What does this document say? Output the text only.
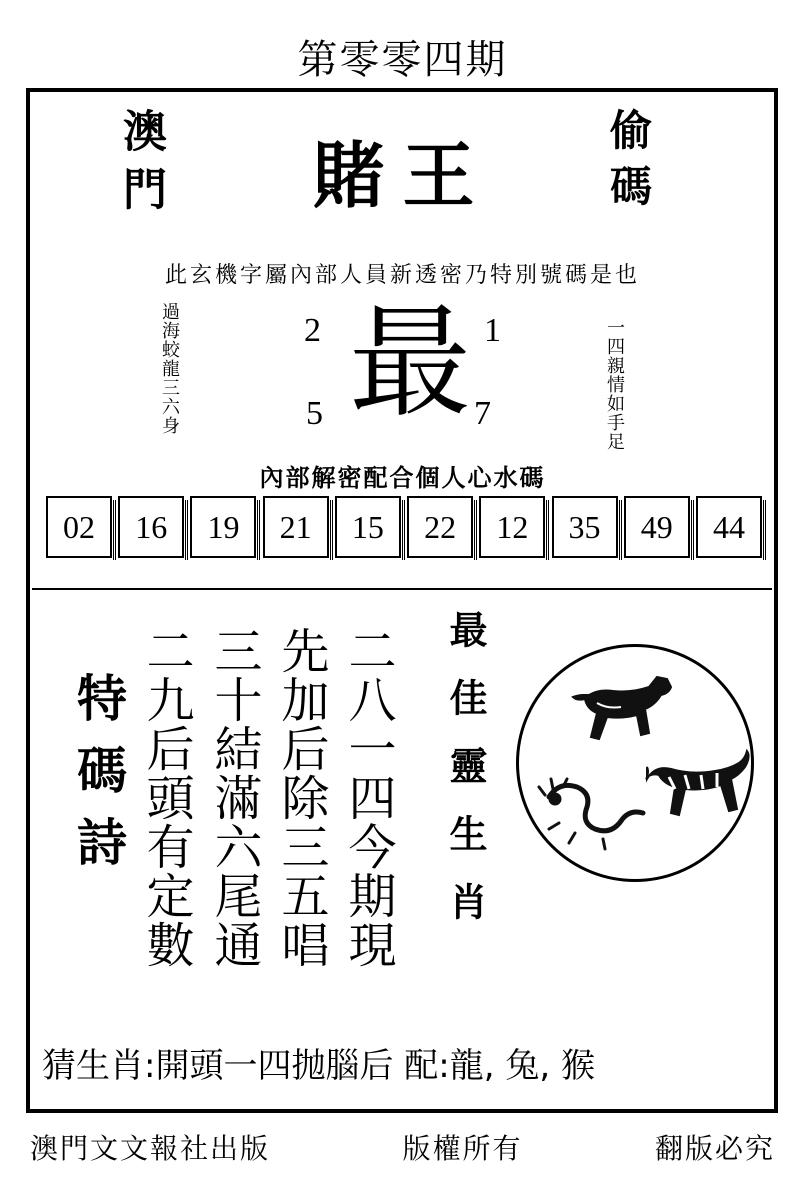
第零零四期
澳門	偷碼
賭王
此玄機字屬內部人員新透密乃特別號碼是也
過海蛟龍三六身	一四親情如手足
最
2	1
5	7
內部解密配合個人心水碼
02	16	19	21	15	22	12	35	49	44
特碼詩 二九后頭有定數 三十結滿六尾通 先加后除三五唱 二八一四今期現 最佳靈生肖
猜生肖:開頭一四抛腦后 配:龍, 兔, 猴
澳門文文報社出版	版權所有	翻版必究
